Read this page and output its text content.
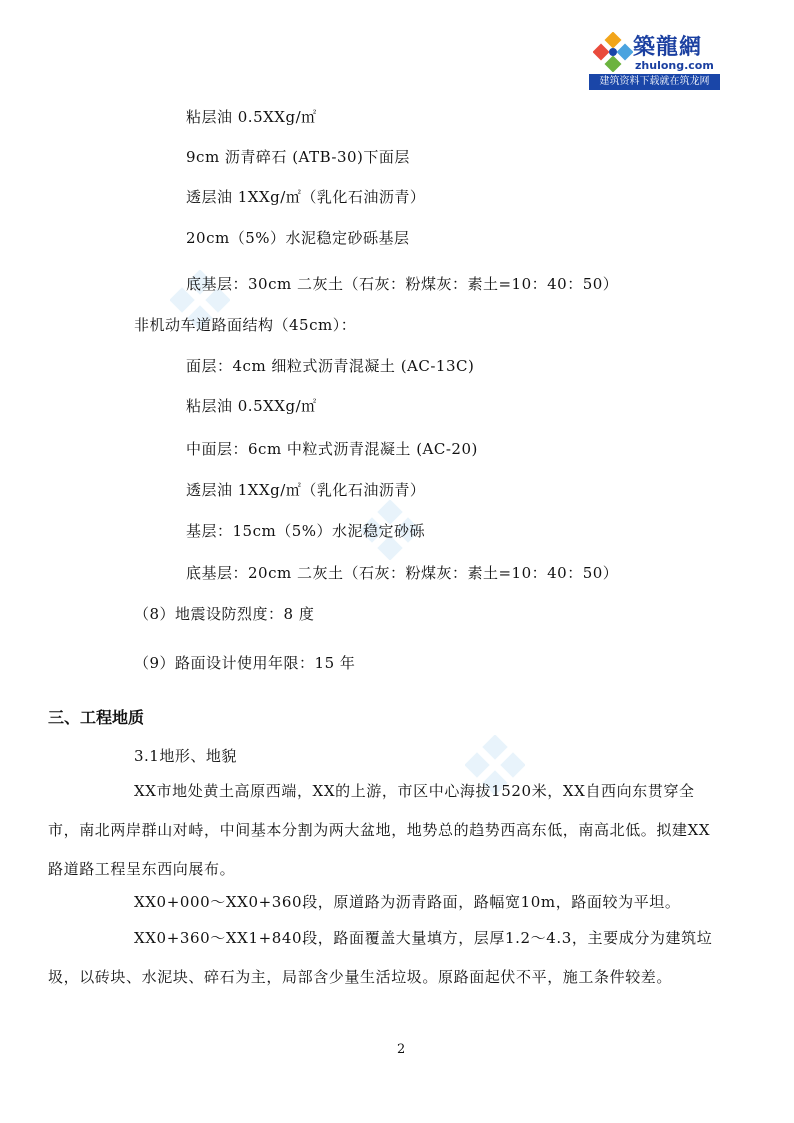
築龍網
zhulong.com
建筑资料下载就在筑龙网
粘层油 0.5XXg/㎡
9cm 沥青碎石 (ATB-30)下面层
透层油 1XXg/㎡（乳化石油沥青）
20cm（5%）水泥稳定砂砾基层
底基层：30cm 二灰土（石灰：粉煤灰：素土=10：40：50）
非机动车道路面结构（45cm）：
面层：4cm 细粒式沥青混凝土 (AC-13C)
粘层油 0.5XXg/㎡
中面层：6cm 中粒式沥青混凝土 (AC-20)
透层油 1XXg/㎡（乳化石油沥青）
基层：15cm（5%）水泥稳定砂砾
底基层：20cm 二灰土（石灰：粉煤灰：素土=10：40：50）
（8）地震设防烈度：8 度
（9）路面设计使用年限：15 年
三、工程地质
3.1地形、地貌
XX市地处黄土高原西端，XX的上游，市区中心海拔1520米，XX自西向东贯穿全市，南北两岸群山对峙，中间基本分割为两大盆地，地势总的趋势西高东低，南高北低。拟建XX路道路工程呈东西向展布。
XX0+000～XX0+360段，原道路为沥青路面，路幅宽10m，路面较为平坦。
XX0+360～XX1+840段，路面覆盖大量填方，层厚1.2～4.3，主要成分为建筑垃圾，以砖块、水泥块、碎石为主，局部含少量生活垃圾。原路面起伏不平，施工条件较差。
2
